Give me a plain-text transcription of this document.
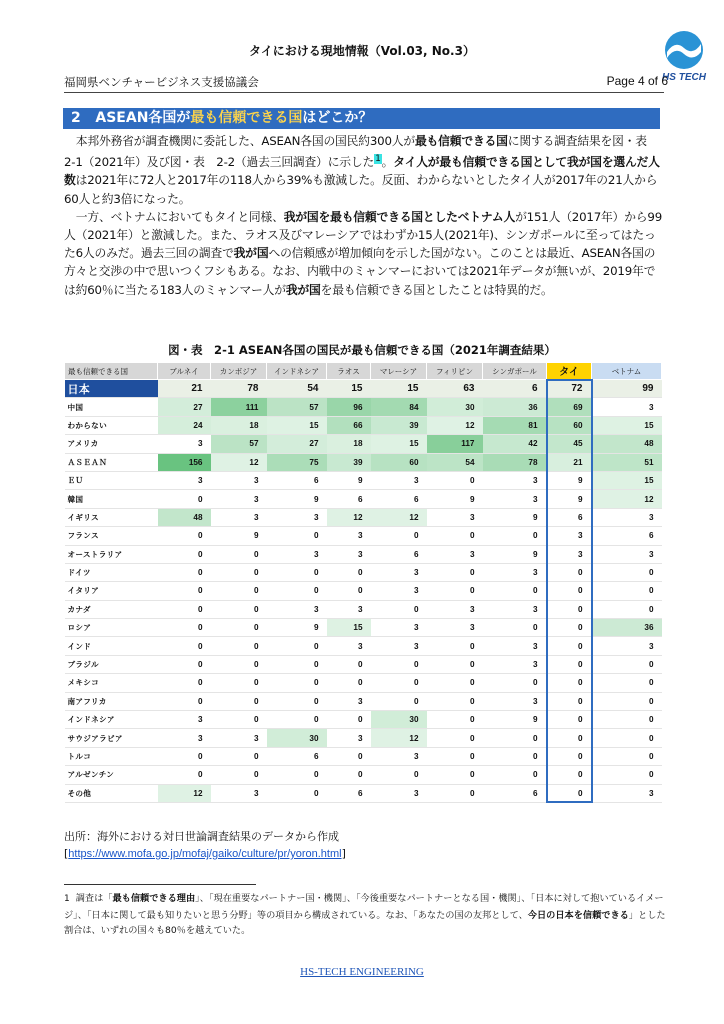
タイにおける現地情報（Vol.03, No.3）
HS TECH
福岡県ベンチャービジネス支援協議会	Page 4 of 6
2 ASEAN各国が最も信頼できる国はどこか？

本邦外務省が調査機関に委託した、ASEAN各国の国民約300人が最も信頼できる国に関する調査結果を図・表　2-1（2021年）及び図・表　2-2（過去三回調査）に示した$^1$。タイ人が最も信頼できる国として我が国を選んだ人数は2021年に72人と2017年の118人から39%も激減した。反面、わからないとしたタイ人が2017年の21人から60人と約3倍になった。

一方、ベトナムにおいてもタイと同様、我が国を最も信頼できる国としたベトナム人が151人（2017年）から99人（2021年）と激減した。また、ラオス及びマレーシアではわずか15人(2021年)、シンガポールに至ってはたった6人のみだ。過去三回の調査で我が国への信頼感が増加傾向を示した国がない。このことは最近、ASEAN各国の方々と交渉の中で思いつくフシもある。なお、内戦中のミャンマーにおいては2021年データが無いが、2019年では約60％に当たる183人のミャンマー人が我が国を最も信頼できる国としたことは特異的だ。

図・表　2-1 ASEAN各国の国民が最も信頼できる国（2021年調査結果）
最も信頼できる国	ブルネイ	カンボジア	インドネシア	ラオス	マレーシア	フィリピン	シンガポール	タイ	ベトナム
日本	21	78	54	15	15	63	6	72	99
中国	27	111	57	96	84	30	36	69	3
わからない	24	18	15	66	39	12	81	60	15
アメリカ	3	57	27	18	15	117	42	45	48
ＡＳＥＡＮ	156	12	75	39	60	54	78	21	51
ＥＵ	3	3	6	9	3	0	3	9	15
韓国	0	3	9	6	6	9	3	9	12
イギリス	48	3	3	12	12	3	9	6	3
フランス	0	9	0	3	0	0	0	3	6
オーストラリア	0	0	3	3	6	3	9	3	3
ドイツ	0	0	0	0	3	0	3	0	0
イタリア	0	0	0	0	3	0	0	0	0
カナダ	0	0	3	3	0	3	3	0	0
ロシア	0	0	9	15	3	3	0	0	36
インド	0	0	0	3	3	0	3	0	3
ブラジル	0	0	0	0	0	0	3	0	0
メキシコ	0	0	0	0	0	0	0	0	0
南アフリカ	0	0	0	3	0	0	3	0	0
インドネシア	3	0	0	0	30	0	9	0	0
サウジアラビア	3	3	30	3	12	0	0	0	0
トルコ	0	0	6	0	3	0	0	0	0
アルゼンチン	0	0	0	0	0	0	0	0	0
その他	12	3	0	6	3	0	6	0	3
出所：海外における対日世論調査結果のデータから作成
[https://www.mofa.go.jp/mofaj/gaiko/culture/pr/yoron.html]
1 調査は「最も信頼できる理由」、「現在重要なパートナー国・機関」、「今後重要なパートナーとなる国・機関」、「日本に対して抱いているイメージ」、「日本に関して最も知りたいと思う分野」等の項目から構成されている。なお、「あなたの国の友邦として、今日の日本を信頼できる」とした割合は、いずれの国々も80％を越えていた。
HS-TECH ENGINEERING
